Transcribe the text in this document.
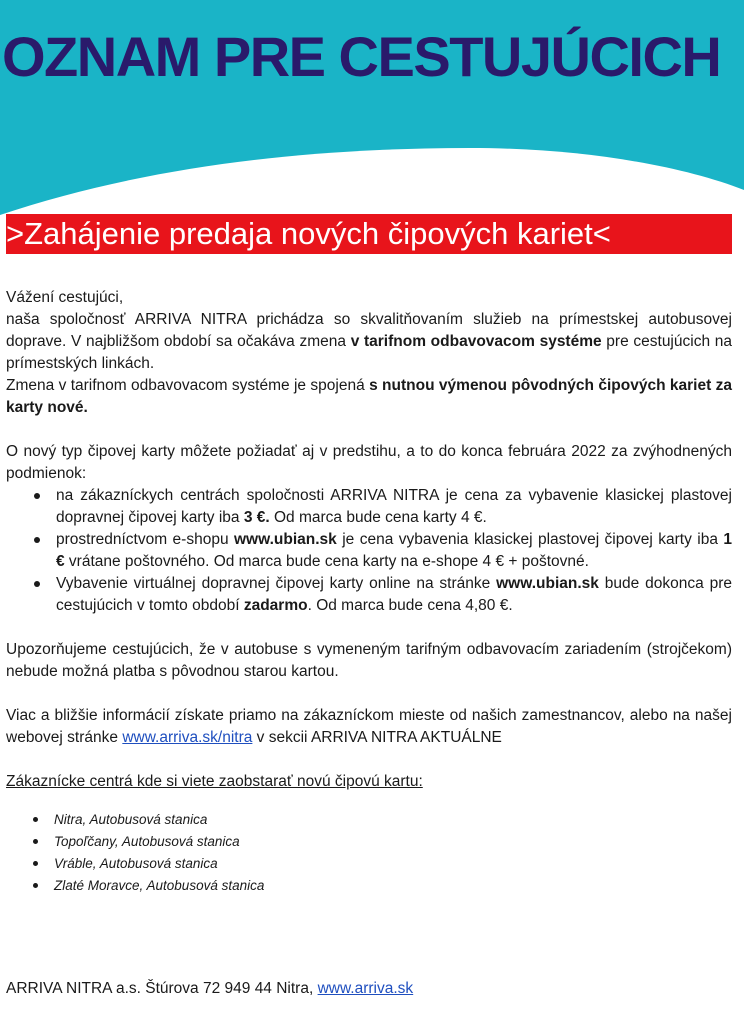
OZNAM PRE CESTUJÚCICH
>Zahájenie predaja nových čipových kariet<

Vážení cestujúci,

naša spoločnosť ARRIVA NITRA prichádza so skvalitňovaním služieb na prímestskej autobusovej doprave. V najbližšom období sa očakáva zmena v tarifnom odbavovacom systéme pre cestujúcich na prímestských linkách.

Zmena v tarifnom odbavovacom systéme je spojená s nutnou výmenou pôvodných čipových kariet za karty nové.

O nový typ čipovej karty môžete požiadať aj v predstihu, a to do konca februára 2022 za zvýhodnených podmienok:

na zákazníckych centrách spoločnosti ARRIVA NITRA je cena za vybavenie klasickej plastovej dopravnej čipovej karty iba 3 €. Od marca bude cena karty 4 €.
prostredníctvom e-shopu www.ubian.sk je cena vybavenia klasickej plastovej čipovej karty iba 1 € vrátane poštovného. Od marca bude cena karty na e-shope 4 € + poštovné.
Vybavenie virtuálnej dopravnej čipovej karty online na stránke www.ubian.sk bude dokonca pre cestujúcich v tomto období zadarmo. Od marca bude cena 4,80 €.

Upozorňujeme cestujúcich, že v autobuse s vymeneným tarifným odbavovacím zariadením (strojčekom) nebude možná platba s pôvodnou starou kartou.

Viac a bližšie informácií získate priamo na zákazníckom mieste od našich zamestnancov, alebo na našej webovej stránke www.arriva.sk/nitra v sekcii ARRIVA NITRA AKTUÁLNE

Zákaznícke centrá kde si viete zaobstarať novú čipovú kartu:

Nitra, Autobusová stanica
Topoľčany, Autobusová stanica
Vráble, Autobusová stanica
Zlaté Moravce, Autobusová stanica
ARRIVA NITRA a.s. Štúrova 72 949 44 Nitra, www.arriva.sk
